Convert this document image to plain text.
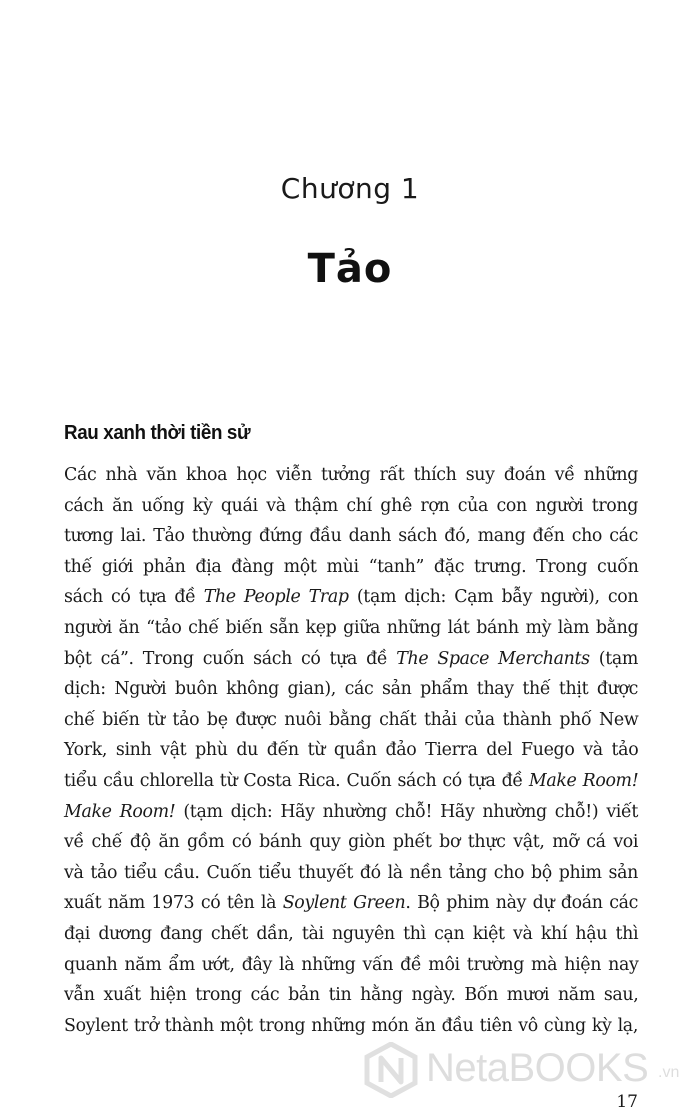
Chương 1
Tảo
Rau xanh thời tiền sử
Các nhà văn khoa học viễn tưởng rất thích suy đoán về những
cách ăn uống kỳ quái và thậm chí ghê rợn của con người trong
tương lai. Tảo thường đứng đầu danh sách đó, mang đến cho các
thế giới phản địa đàng một mùi “tanh” đặc trưng. Trong cuốn
sách có tựa đề The People Trap (tạm dịch: Cạm bẫy người), con
người ăn “tảo chế biến sẵn kẹp giữa những lát bánh mỳ làm bằng
bột cá”. Trong cuốn sách có tựa đề The Space Merchants (tạm
dịch: Người buôn không gian), các sản phẩm thay thế thịt được
chế biến từ tảo bẹ được nuôi bằng chất thải của thành phố New
York, sinh vật phù du đến từ quần đảo Tierra del Fuego và tảo
tiểu cầu chlorella từ Costa Rica. Cuốn sách có tựa đề Make Room!
Make Room! (tạm dịch: Hãy nhường chỗ! Hãy nhường chỗ!) viết
về chế độ ăn gồm có bánh quy giòn phết bơ thực vật, mỡ cá voi
và tảo tiểu cầu. Cuốn tiểu thuyết đó là nền tảng cho bộ phim sản
xuất năm 1973 có tên là Soylent Green. Bộ phim này dự đoán các
đại dương đang chết dần, tài nguyên thì cạn kiệt và khí hậu thì
quanh năm ẩm ướt, đây là những vấn đề môi trường mà hiện nay
vẫn xuất hiện trong các bản tin hằng ngày. Bốn mươi năm sau,
Soylent trở thành một trong những món ăn đầu tiên vô cùng kỳ lạ,
NetaBOOKS .vn
17
